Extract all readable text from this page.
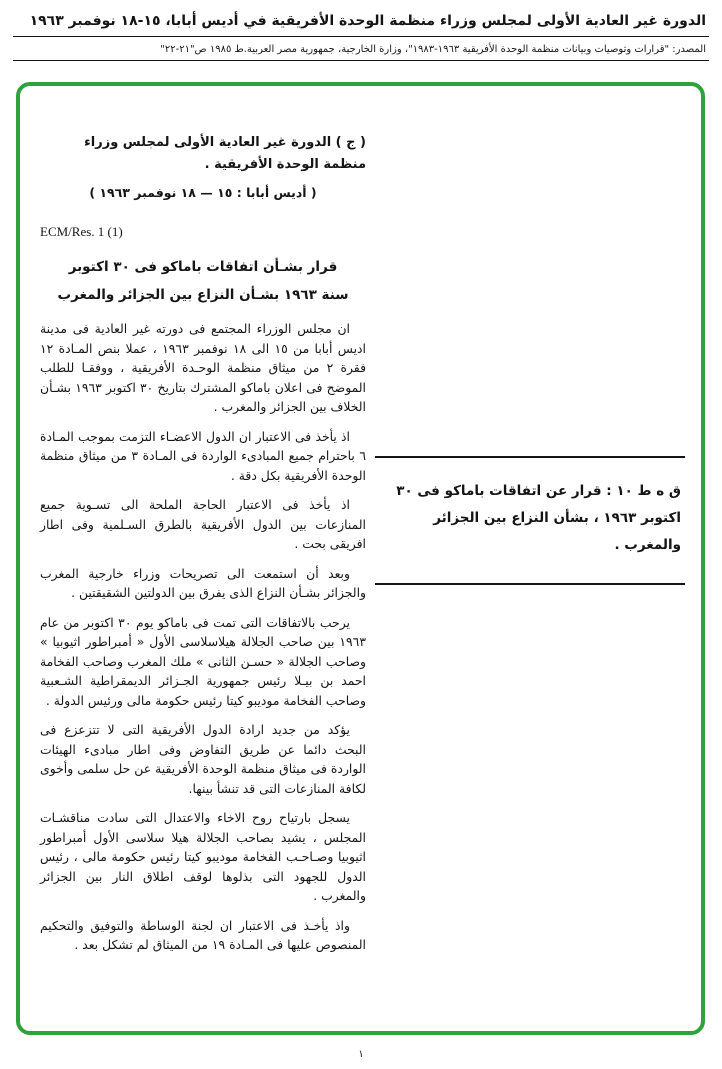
الدورة غير العادية الأولى لمجلس وزراء منظمة الوحدة الأفريقية في أديس أبابا، ١٥-١٨ نوفمبر ١٩٦٣
المصدر: "قرارات وتوصيات وبيانات منظمة الوحدة الأفريقية ١٩٦٣-١٩٨٣"، وزارة الخارجية، جمهورية مصر العربية.ط ١٩٨٥ ص"٢١-٢٢"
( ج ) الدورة غير العادية الأولى لمجلس وزراء منظمة الوحدة الأفريقية .
( أديس أبابا : ١٥ — ١٨ نوفمبر ١٩٦٣ )
ECM/Res. 1 (1)
قرار بشـأن اتفاقات باماكو فى ٣٠ اكتوبر
سنة ١٩٦٣ بشـأن النزاع بين الجزائر والمغرب

ان مجلس الوزراء المجتمع فى دورته غير العادية فى مدينة اديس أبابا من ١٥ الى ١٨ نوفمبر ١٩٦٣ ، عملا بنص المـادة ١٢ فقرة ٢ من ميثاق منظمة الوحـدة الأفريقية ، ووفقـا للطلب الموضح فى اعلان باماكو المشترك بتاريخ ٣٠ اكتوبر ١٩٦٣ بشـأن الخلاف بين الجزائر والمغرب .

اذ يأخذ فى الاعتبار ان الدول الاعضـاء التزمت بموجب المـادة ٦ باحترام جميع المبادىء الواردة فى المـادة ٣ من ميثاق منظمة الوحدة الأفريقية بكل دقة .

اذ يأخذ فى الاعتبار الحاجة الملحة الى تسـوية جميع المنازعات بين الدول الأفريقية بالطرق السـلمية وفى اطار افريقى بحت .

وبعد أن استمعت الى تصريحات وزراء خارجية المغرب والجزائر بشـأن النزاع الذى يفرق بين الدولتين الشقيقتين .

يرحب بالاتفاقات التى تمت فى باماكو يوم ٣٠ اكتوبر من عام ١٩٦٣ بين صاحب الجلالة هيلاسلاسى الأول « أمبراطور اثيوبيا » وصاحب الجلالة « حسـن الثانى » ملك المغرب وصاحب الفخامة احمد بن بيـلا رئيس جمهورية الجـزائر الديمقراطية الشـعبية وصاحب الفخامة موديبو كيتا رئيس حكومة مالى ورئيس الدولة .

يؤكد من جديد ارادة الدول الأفريقية التى لا تتزعزع فى البحث دائما عن طريق التفاوض وفى اطار مبادىء الهيئات الواردة فى ميثاق منظمة الوحدة الأفريقية عن حل سلمى وأخوى لكافة المنازعات التى قد تنشأ بينها.

يسجل بارتياح روح الاخاء والاعتدال التى سادت مناقشـات المجلس ، يشيد بصاحب الجلالة هيلا سلاسى الأول أمبراطور اثيوبيا وصـاحـب الفخامة موديبو كيتا رئيس حكومة مالى ، رئيس الدول للجهود التى بذلوها لوقف اطلاق النار بين الجزائر والمغرب .

واذ يأخـذ فى الاعتبار ان لجنة الوساطة والتوفيق والتحكيم المنصوص عليها فى المـادة ١٩ من الميثاق لم تشكل بعد .

ق ه ط ١٠ : قرار عن اتفاقات باماكو فى ٣٠ اكتوبر ١٩٦٣ ، بشأن النزاع بين الجزائر والمغرب .
١
